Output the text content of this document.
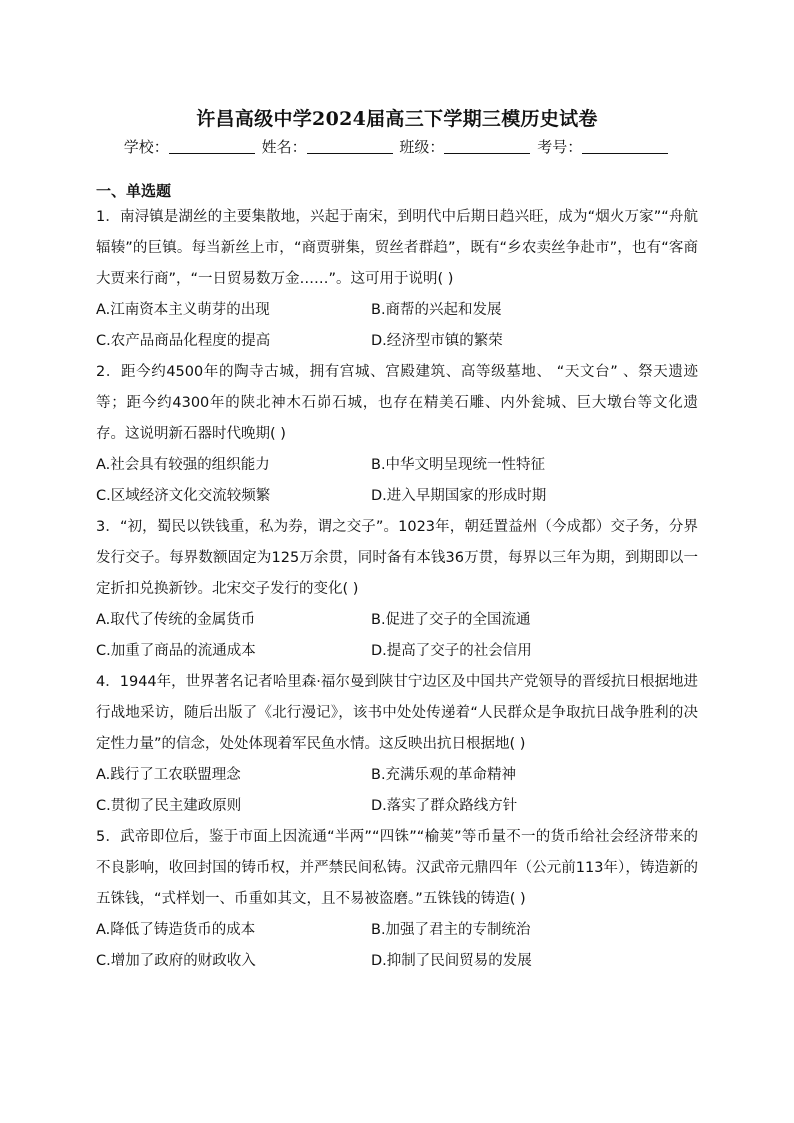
许昌高级中学2024届高三下学期三模历史试卷
学校：	姓名：	班级：	考号：
一、单选题
1．南浔镇是湖丝的主要集散地，兴起于南宋，到明代中后期日趋兴旺，成为“烟火万家”“舟航辐辏”的巨镇。每当新丝上市，“商贾骈集，贸丝者群趋”，既有“乡农卖丝争赴市”，也有“客商大贾来行商”，“一日贸易数万金……”。这可用于说明( )
A.江南资本主义萌芽的出现	B.商帮的兴起和发展
C.农产品商品化程度的提高	D.经济型市镇的繁荣
2．距今约4500年的陶寺古城，拥有宫城、宫殿建筑、高等级墓地、 “天文台” 、祭天遗迹等；距今约4300年的陕北神木石峁石城，也存在精美石雕、内外瓮城、巨大墩台等文化遗存。这说明新石器时代晚期( )
A.社会具有较强的组织能力	B.中华文明呈现统一性特征
C.区域经济文化交流较频繁	D.进入早期国家的形成时期
3．“初，蜀民以铁钱重，私为券，谓之交子”。1023年，朝廷置益州（今成都）交子务，分界发行交子。每界数额固定为125万余贯，同时备有本钱36万贯，每界以三年为期，到期即以一定折扣兑换新钞。北宋交子发行的变化( )
A.取代了传统的金属货币	B.促进了交子的全国流通
C.加重了商品的流通成本	D.提高了交子的社会信用
4．1944年，世界著名记者哈里森·福尔曼到陕甘宁边区及中国共产党领导的晋绥抗日根据地进行战地采访，随后出版了《北行漫记》，该书中处处传递着“人民群众是争取抗日战争胜利的决定性力量”的信念，处处体现着军民鱼水情。这反映出抗日根据地( )
A.践行了工农联盟理念	B.充满乐观的革命精神
C.贯彻了民主建政原则	D.落实了群众路线方针
5．武帝即位后，鉴于市面上因流通“半两”“四铢”“榆荚”等币量不一的货币给社会经济带来的不良影响，收回封国的铸币权，并严禁民间私铸。汉武帝元鼎四年（公元前113年），铸造新的五铢钱，“式样划一、币重如其文，且不易被盗磨。”五铢钱的铸造( )
A.降低了铸造货币的成本	B.加强了君主的专制统治
C.增加了政府的财政收入	D.抑制了民间贸易的发展
